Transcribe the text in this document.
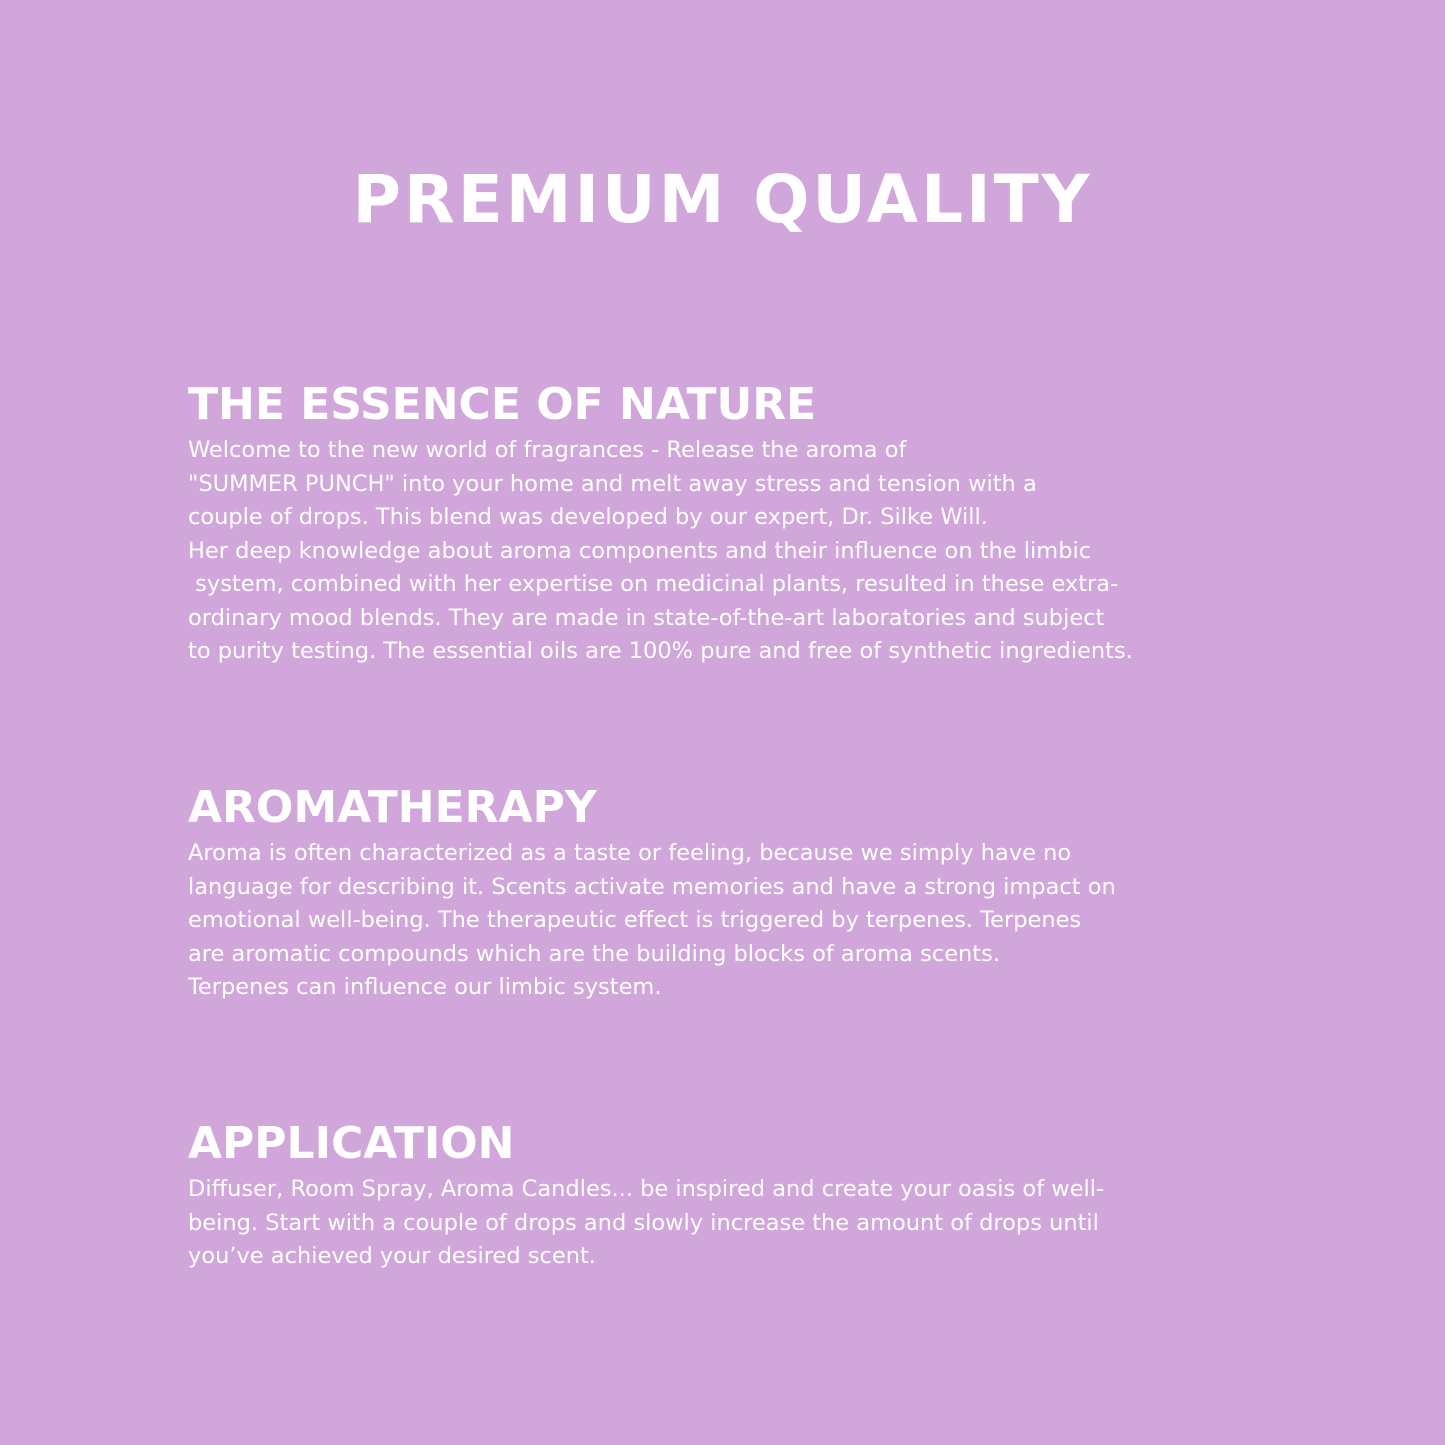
PREMIUM QUALITY
THE ESSENCE OF NATURE
Welcome to the new world of fragrances - Release the aroma of
"SUMMER PUNCH" into your home and melt away stress and tension with a
couple of drops. This blend was developed by our expert, Dr. Silke Will.
Her deep knowledge about aroma components and their influence on the limbic
system, combined with her expertise on medicinal plants, resulted in these extra-
ordinary mood blends. They are made in state-of-the-art laboratories and subject
to purity testing. The essential oils are 100% pure and free of synthetic ingredients.
AROMATHERAPY
Aroma is often characterized as a taste or feeling, because we simply have no
language for describing it. Scents activate memories and have a strong impact on
emotional well-being. The therapeutic effect is triggered by terpenes. Terpenes
are aromatic compounds which are the building blocks of aroma scents.
Terpenes can influence our limbic system.
APPLICATION
Diffuser, Room Spray, Aroma Candles... be inspired and create your oasis of well-
being. Start with a couple of drops and slowly increase the amount of drops until
you’ve achieved your desired scent.
